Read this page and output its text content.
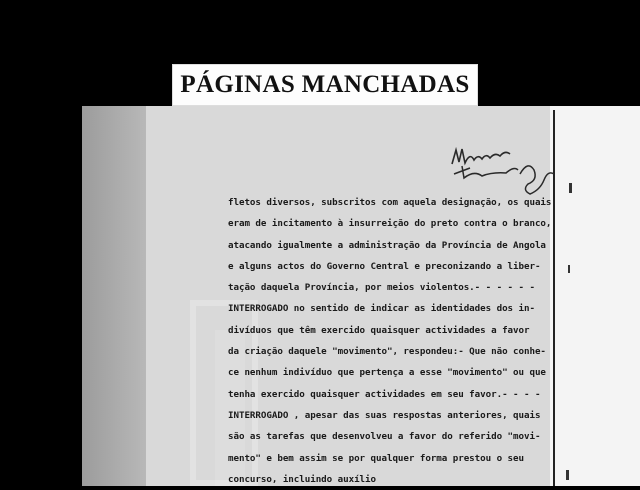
PÁGINAS MANCHADAS
fletos diversos, subscritos com aquela designação, os quais
eram de incitamento à insurreição do preto contra o branco,
atacando igualmente a administração da Província de Angola
e alguns actos do Governo Central e preconizando a liber-
tação daquela Província, por meios violentos.- - - - - -
INTERROGADO no sentido de indicar as identidades dos in-
divíduos que têm exercido quaisquer actividades a favor
da criação daquele "movimento", respondeu:- Que não conhe-
ce nenhum indivíduo que pertença a esse "movimento" ou que
tenha exercido quaisquer actividades em seu favor.- - - -
INTERROGADO , apesar das suas respostas anteriores, quais
são as tarefas que desenvolveu a favor do referido "movi-
mento" e bem assim se por qualquer forma prestou o seu
concurso, incluindo auxílio
